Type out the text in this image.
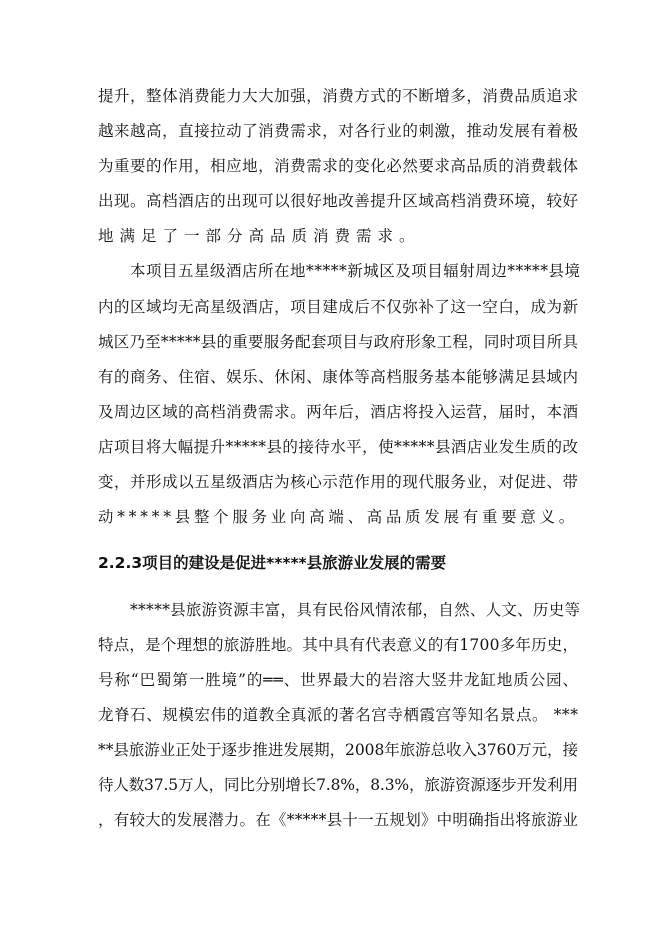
提升，整体消费能力大大加强，消费方式的不断增多，消费品质追求
越来越高，直接拉动了消费需求，对各行业的刺激，推动发展有着极
为重要的作用，相应地，消费需求的变化必然要求高品质的消费载体
出现。高档酒店的出现可以很好地改善提升区域高档消费环境，较好
地满足了一部分高品质消费需求。
本项目五星级酒店所在地*****新城区及项目辐射周边*****县境
内的区域均无高星级酒店，项目建成后不仅弥补了这一空白，成为新
城区乃至*****县的重要服务配套项目与政府形象工程，同时项目所具
有的商务、住宿、娱乐、休闲、康体等高档服务基本能够满足县域内
及周边区域的高档消费需求。两年后，酒店将投入运营，届时，本酒
店项目将大幅提升*****县的接待水平，使*****县酒店业发生质的改
变，并形成以五星级酒店为核心示范作用的现代服务业，对促进、带
动*****县整个服务业向高端、高品质发展有重要意义。
2.2.3项目的建设是促进*****县旅游业发展的需要
*****县旅游资源丰富，具有民俗风情浓郁，自然、人文、历史等
特点，是个理想的旅游胜地。其中具有代表意义的有1700多年历史，
号称“巴蜀第一胜境”的══、世界最大的岩溶大竖井龙缸地质公园、
龙脊石、规模宏伟的道教全真派的著名宫寺栖霞宫等知名景点。 ***
**县旅游业正处于逐步推进发展期，2008年旅游总收入3760万元，接
待人数37.5万人，同比分别增长7.8%，8.3%，旅游资源逐步开发利用
，有较大的发展潜力。在《*****县十一五规划》中明确指出将旅游业
